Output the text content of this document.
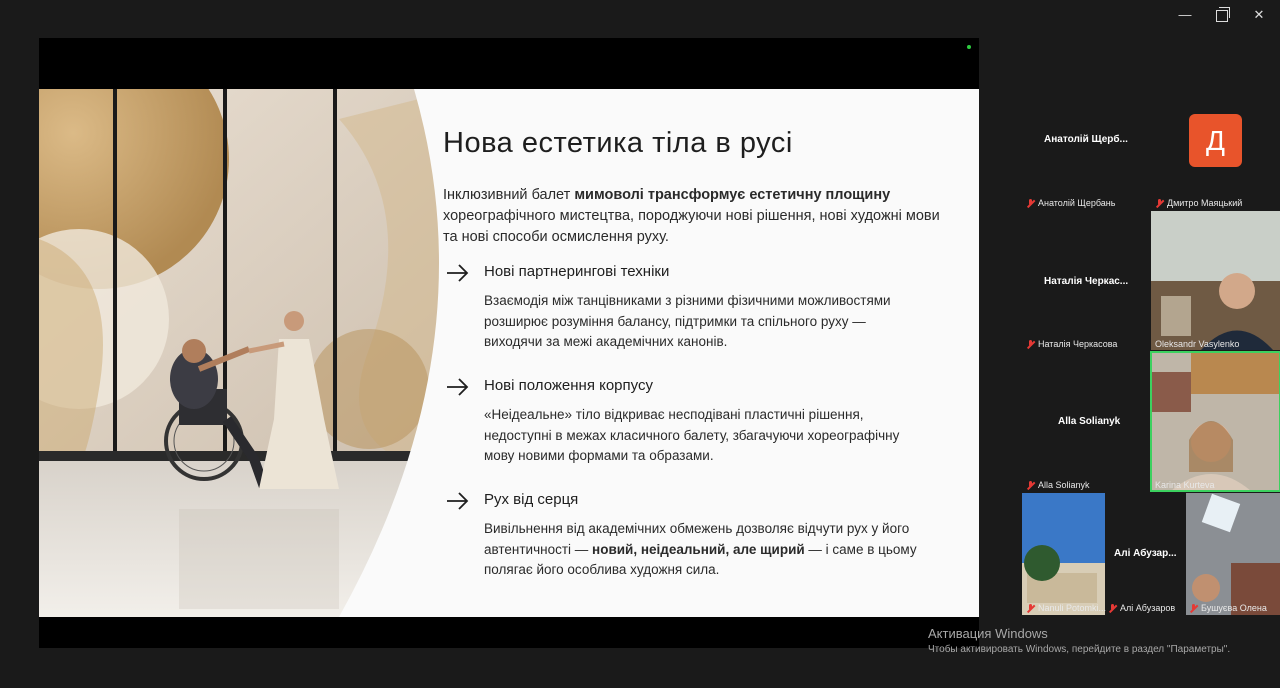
—	✕
Нова естетика тіла в русі
Інклюзивний балет мимоволі трансформує естетичну площину хореографічного мистецтва, породжуючи нові рішення, нові художні мови та нові способи осмислення руху.
Нові партнерингові техніки
Взаємодія між танцівниками з різними фізичними можливостями розширює розуміння балансу, підтримки та спільного руху — виходячи за межі академічних канонів.
Нові положення корпусу
«Неідеальне» тіло відкриває несподівані пластичні рішення, недоступні в межах класичного балету, збагачуючи хореографічну мову новими формами та образами.
Рух від серця
Вивільнення від академічних обмежень дозволяє відчути рух у його автентичності — новий, неідеальний, але щирий — і саме в цьому полягає його особлива художня сила.
Анатолій Щерб...	Д
Анатолій Щербань	Дмитро Маяцький
Наталія Черкас...
Наталія Черкасова	Oleksandr Vasylenko
Alla Solianyk
Alla Solianyk	Karina Kurteva
Алі Абузар...
Nanuli Potomki... Алі Абузаров	Бушуєва Олена
Активация Windows
Чтобы активировать Windows, перейдите в раздел "Параметры".
